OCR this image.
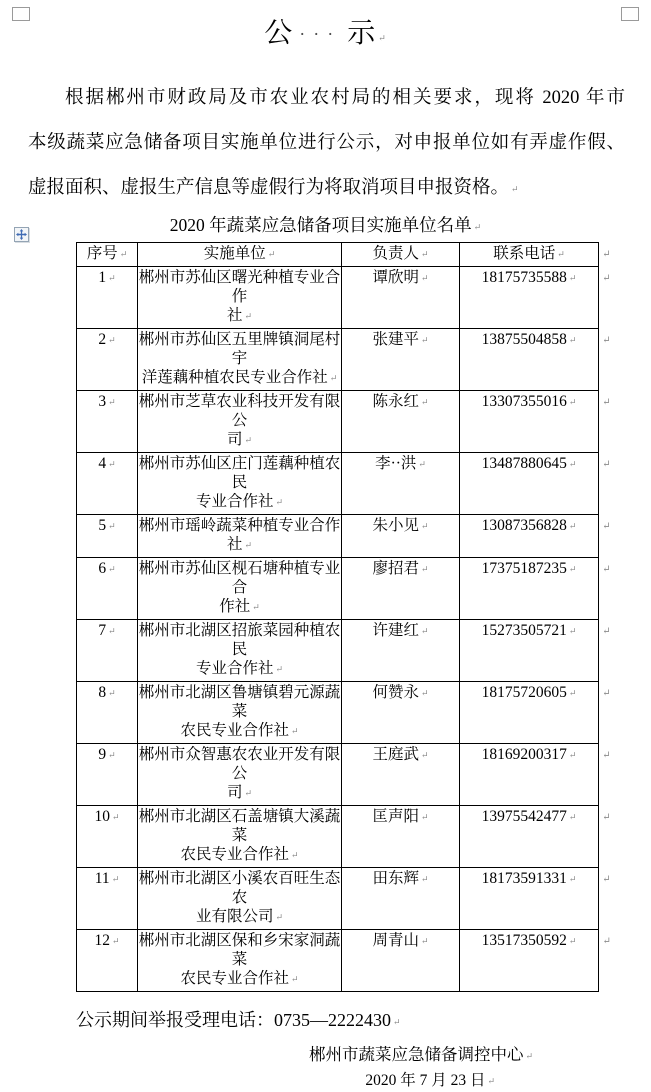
公 ··· 示 ↵
根据郴州市财政局及市农业农村局的相关要求，现将 2020 年市
本级蔬菜应急储备项目实施单位进行公示，对申报单位如有弄虚作假、
虚报面积、虚报生产信息等虚假行为将取消项目申报资格。 ↵
2020 年蔬菜应急储备项目实施单位名单 ↵
序号 ↵	实施单位 ↵	负责人 ↵	联系电话 ↵	↵
1 ↵	郴州市苏仙区曙光种植专业合作
社 ↵	谭欣明 ↵	18175735588 ↵	↵
2 ↵	郴州市苏仙区五里牌镇洞尾村宇
洋莲藕种植农民专业合作社 ↵	张建平 ↵	13875504858 ↵	↵
3 ↵	郴州市芝草农业科技开发有限公
司 ↵	陈永红 ↵	13307355016 ↵	↵
4 ↵	郴州市苏仙区庄门莲藕种植农民
专业合作社 ↵	李··洪 ↵	13487880645 ↵	↵
5 ↵	郴州市瑶岭蔬菜种植专业合作社 ↵	朱小见 ↵	13087356828 ↵	↵
6 ↵	郴州市苏仙区枧石塘种植专业合
作社 ↵	廖招君 ↵	17375187235 ↵	↵
7 ↵	郴州市北湖区招旅菜园种植农民
专业合作社 ↵	许建红 ↵	15273505721 ↵	↵
8 ↵	郴州市北湖区鲁塘镇碧元源蔬菜
农民专业合作社 ↵	何赞永 ↵	18175720605 ↵	↵
9 ↵	郴州市众智惠农农业开发有限公
司 ↵	王庭武 ↵	18169200317 ↵	↵
10 ↵	郴州市北湖区石盖塘镇大溪蔬菜
农民专业合作社 ↵	匡声阳 ↵	13975542477 ↵	↵
11 ↵	郴州市北湖区小溪农百旺生态农
业有限公司 ↵	田东辉 ↵	18173591331 ↵	↵
12 ↵	郴州市北湖区保和乡宋家洞蔬菜
农民专业合作社 ↵	周青山 ↵	13517350592 ↵	↵
公示期间举报受理电话：0735—2222430 ↵
郴州市蔬菜应急储备调控中心 ↵
2020 年 7 月 23 日 ↵
